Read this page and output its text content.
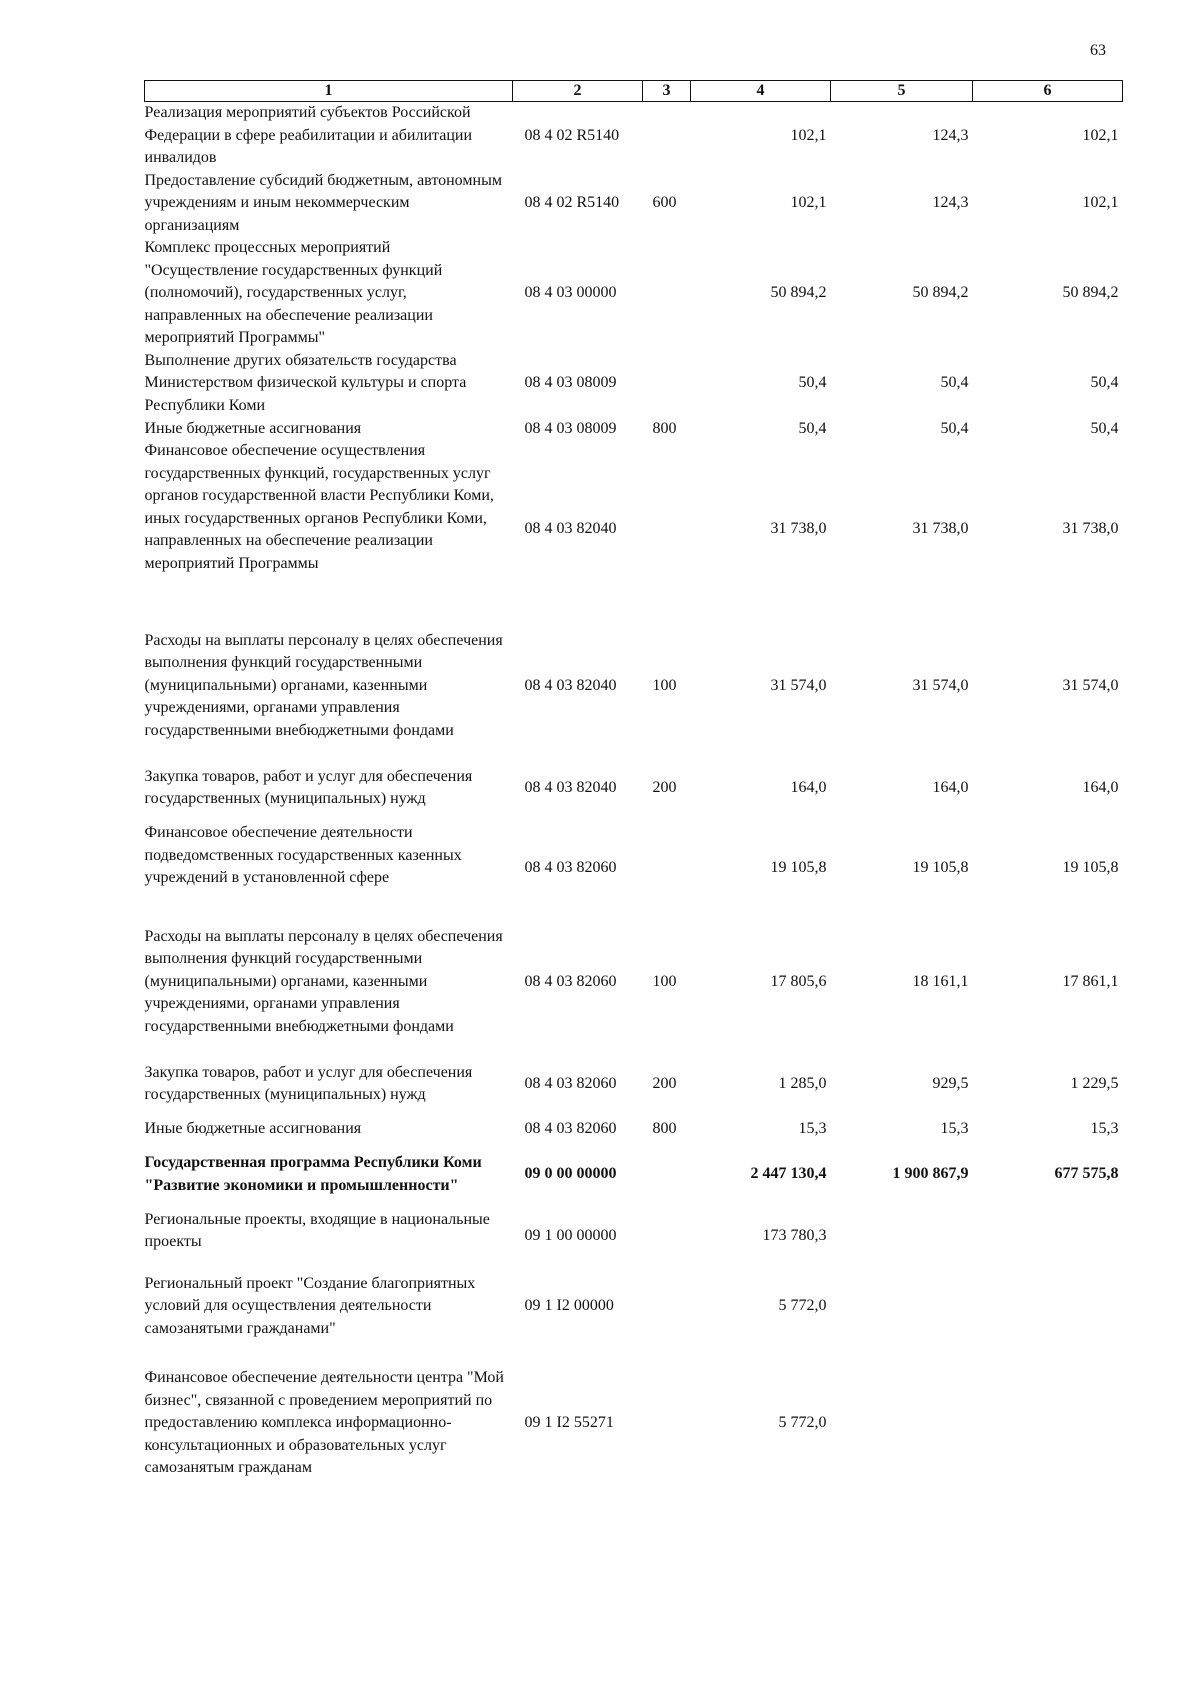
63
1	2	3	4	5	6
Реализация мероприятий субъектов Российской Федерации в сфере реабилитации и абилитации инвалидов	08 4 02 R5140		102,1	124,3	102,1
Предоставление субсидий бюджетным, автономным учреждениям и иным некоммерческим организациям	08 4 02 R5140	600	102,1	124,3	102,1
Комплекс процессных мероприятий "Осуществление государственных функций (полномочий), государственных услуг, направленных на обеспечение реализации мероприятий Программы"	08 4 03 00000		50 894,2	50 894,2	50 894,2
Выполнение других обязательств государства Министерством физической культуры и спорта Республики Коми	08 4 03 08009		50,4	50,4	50,4
Иные бюджетные ассигнования	08 4 03 08009	800	50,4	50,4	50,4
Финансовое обеспечение осуществления государственных функций, государственных услуг органов государственной власти Республики Коми, иных государственных органов Республики Коми, направленных на обеспечение реализации мероприятий Программы	08 4 03 82040		31 738,0	31 738,0	31 738,0
Расходы на выплаты персоналу в целях обеспечения выполнения функций государственными (муниципальными) органами, казенными учреждениями, органами управления государственными внебюджетными фондами	08 4 03 82040	100	31 574,0	31 574,0	31 574,0
Закупка товаров, работ и услуг для обеспечения государственных (муниципальных) нужд	08 4 03 82040	200	164,0	164,0	164,0
Финансовое обеспечение деятельности подведомственных государственных казенных учреждений в установленной сфере	08 4 03 82060		19 105,8	19 105,8	19 105,8
Расходы на выплаты персоналу в целях обеспечения выполнения функций государственными (муниципальными) органами, казенными учреждениями, органами управления государственными внебюджетными фондами	08 4 03 82060	100	17 805,6	18 161,1	17 861,1
Закупка товаров, работ и услуг для обеспечения государственных (муниципальных) нужд	08 4 03 82060	200	1 285,0	929,5	1 229,5
Иные бюджетные ассигнования	08 4 03 82060	800	15,3	15,3	15,3
Государственная программа Республики Коми "Развитие экономики и промышленности"	09 0 00 00000		2 447 130,4	1 900 867,9	677 575,8
Региональные проекты, входящие в национальные проекты	09 1 00 00000		173 780,3		
Региональный проект "Создание благоприятных условий для осуществления деятельности самозанятыми гражданами"	09 1 I2 00000		5 772,0		
Финансовое обеспечение деятельности центра "Мой бизнес", связанной с проведением мероприятий по предоставлению комплекса информационно-консультационных и образовательных услуг самозанятым гражданам	09 1 I2 55271		5 772,0		
